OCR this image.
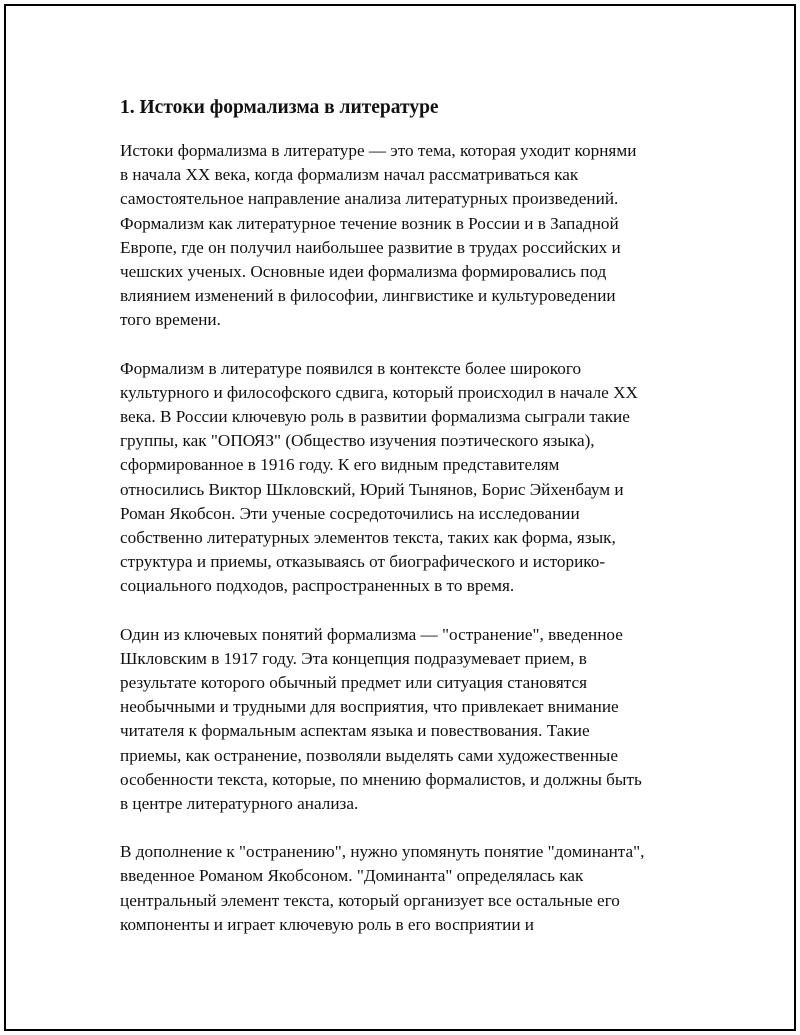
1. Истоки формализма в литературе

Истоки формализма в литературе — это тема, которая уходит корнями
в начала XX века, когда формализм начал рассматриваться как
самостоятельное направление анализа литературных произведений.
Формализм как литературное течение возник в России и в Западной
Европе, где он получил наибольшее развитие в трудах российских и
чешских ученых. Основные идеи формализма формировались под
влиянием изменений в философии, лингвистике и культуроведении
того времени.

Формализм в литературе появился в контексте более широкого
культурного и философского сдвига, который происходил в начале XX
века. В России ключевую роль в развитии формализма сыграли такие
группы, как "ОПОЯЗ" (Общество изучения поэтического языка),
сформированное в 1916 году. К его видным представителям
относились Виктор Шкловский, Юрий Тынянов, Борис Эйхенбаум и
Роман Якобсон. Эти ученые сосредоточились на исследовании
собственно литературных элементов текста, таких как форма, язык,
структура и приемы, отказываясь от биографического и историко-
социального подходов, распространенных в то время.

Один из ключевых понятий формализма — "остранение", введенное
Шкловским в 1917 году. Эта концепция подразумевает прием, в
результате которого обычный предмет или ситуация становятся
необычными и трудными для восприятия, что привлекает внимание
читателя к формальным аспектам языка и повествования. Такие
приемы, как остранение, позволяли выделять сами художественные
особенности текста, которые, по мнению формалистов, и должны быть
в центре литературного анализа.

В дополнение к "остранению", нужно упомянуть понятие "доминанта",
введенное Романом Якобсоном. "Доминанта" определялась как
центральный элемент текста, который организует все остальные его
компоненты и играет ключевую роль в его восприятии и
